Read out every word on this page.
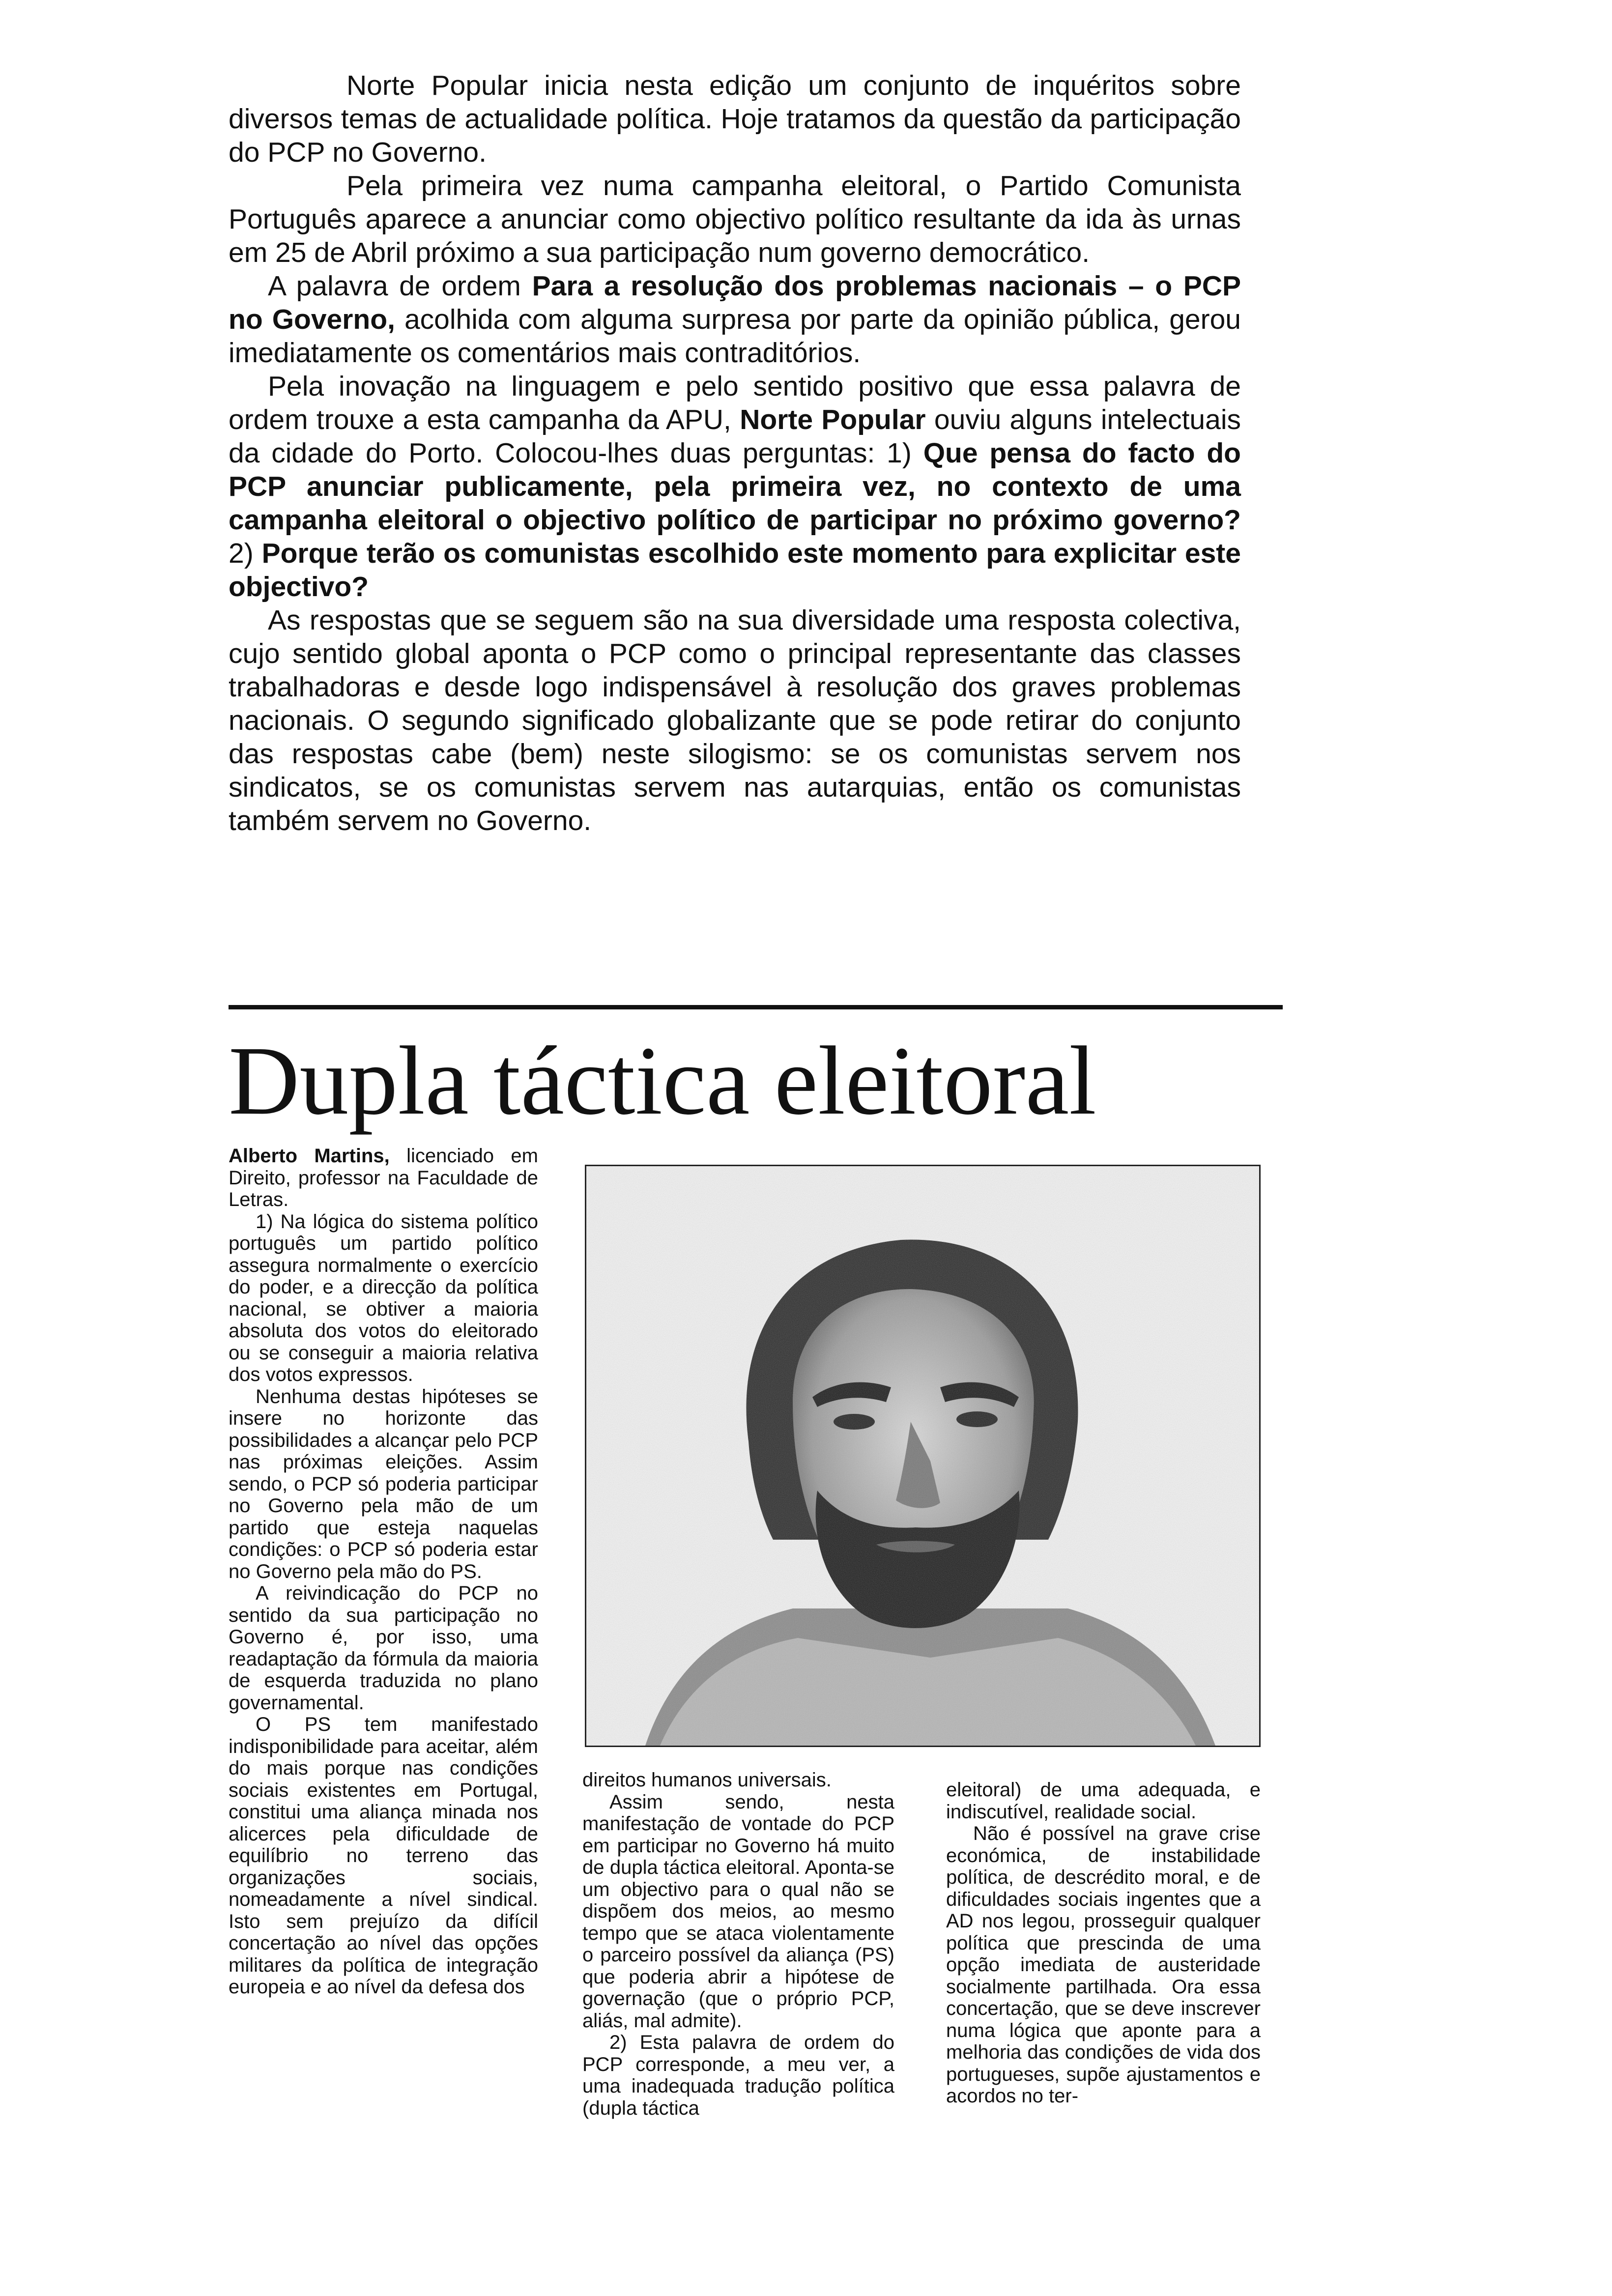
Norte Popular inicia nesta edição um conjunto de inquéritos sobre diversos temas de actualidade política. Hoje tratamos da questão da participação do PCP no Governo.

Pela primeira vez numa campanha eleitoral, o Partido Comunista Português aparece a anunciar como objectivo político resultante da ida às urnas em 25 de Abril próximo a sua participação num governo democrático.

A palavra de ordem Para a resolução dos problemas nacionais – o PCP no Governo, acolhida com alguma surpresa por parte da opinião pública, gerou imediatamente os comentários mais contraditórios.

Pela inovação na linguagem e pelo sentido positivo que essa palavra de ordem trouxe a esta campanha da APU, Norte Popular ouviu alguns intelectuais da cidade do Porto. Colocou-lhes duas perguntas: 1) Que pensa do facto do PCP anunciar publicamente, pela primeira vez, no contexto de uma campanha eleitoral o objectivo político de participar no próximo governo? 2) Porque terão os comunistas escolhido este momento para explicitar este objectivo?

As respostas que se seguem são na sua diversidade uma resposta colectiva, cujo sentido global aponta o PCP como o principal representante das classes trabalhadoras e desde logo indispensável à resolução dos graves problemas nacionais. O segundo significado globalizante que se pode retirar do conjunto das respostas cabe (bem) neste silogismo: se os comunistas servem nos sindicatos, se os comunistas servem nas autarquias, então os comunistas também servem no Governo.

Dupla táctica eleitoral

Alberto Martins, licenciado em Direito, professor na Faculdade de Letras.

1) Na lógica do sistema político português um partido político assegura normalmente o exercício do poder, e a direcção da política nacional, se obtiver a maioria absoluta dos votos do eleitorado ou se conseguir a maioria relativa dos votos expressos.

Nenhuma destas hipóteses se insere no horizonte das possibilidades a alcançar pelo PCP nas próximas eleições. Assim sendo, o PCP só poderia participar no Governo pela mão de um partido que esteja naquelas condições: o PCP só poderia estar no Governo pela mão do PS.

A reivindicação do PCP no sentido da sua participação no Governo é, por isso, uma readaptação da fórmula da maioria de esquerda traduzida no plano governamental.

O PS tem manifestado indisponibilidade para aceitar, além do mais porque nas condições sociais existentes em Portugal, constitui uma aliança minada nos alicerces pela dificuldade de equilíbrio no terreno das organizações sociais, nomeadamente a nível sindical. Isto sem prejuízo da difícil concertação ao nível das opções militares da política de integração europeia e ao nível da defesa dos

direitos humanos universais.

Assim sendo, nesta manifestação de vontade do PCP em participar no Governo há muito de dupla táctica eleitoral. Aponta-se um objectivo para o qual não se dispõem dos meios, ao mesmo tempo que se ataca violentamente o parceiro possível da aliança (PS) que poderia abrir a hipótese de governação (que o próprio PCP, aliás, mal admite).

2) Esta palavra de ordem do PCP corresponde, a meu ver, a uma inadequada tradução política (dupla táctica

eleitoral) de uma adequada, e indiscutível, realidade social.

Não é possível na grave crise económica, de instabilidade política, de descrédito moral, e de dificuldades sociais ingentes que a AD nos legou, prosseguir qualquer política que prescinda de uma opção imediata de austeridade socialmente partilhada. Ora essa concertação, que se deve inscrever numa lógica que aponte para a melhoria das condições de vida dos portugueses, supõe ajustamentos e acordos no ter-
